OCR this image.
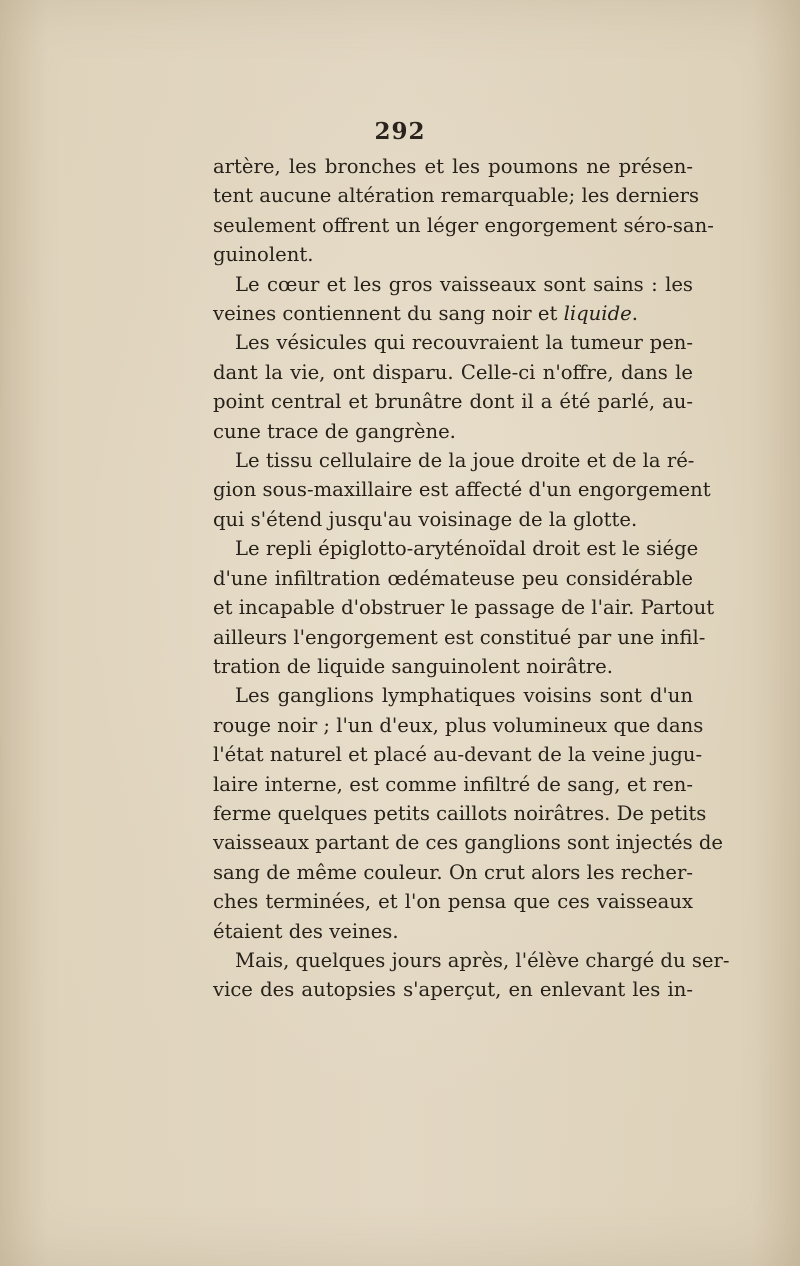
292

artère, les bronches et les poumons ne présen-
tent aucune altération remarquable; les derniers
seulement offrent un léger engorgement séro-san-
guinolent.

Le cœur et les gros vaisseaux sont sains : les
veines contiennent du sang noir et liquide.

Les vésicules qui recouvraient la tumeur pen-
dant la vie, ont disparu. Celle-ci n'offre, dans le
point central et brunâtre dont il a été parlé, au-
cune trace de gangrène.

Le tissu cellulaire de la joue droite et de la ré-
gion sous-maxillaire est affecté d'un engorgement
qui s'étend jusqu'au voisinage de la glotte.

Le repli épiglotto-aryténoïdal droit est le siége
d'une infiltration œdémateuse peu considérable
et incapable d'obstruer le passage de l'air. Partout
ailleurs l'engorgement est constitué par une infil-
tration de liquide sanguinolent noirâtre.

Les ganglions lymphatiques voisins sont d'un
rouge noir ; l'un d'eux, plus volumineux que dans
l'état naturel et placé au-devant de la veine jugu-
laire interne, est comme infiltré de sang, et ren-
ferme quelques petits caillots noirâtres. De petits
vaisseaux partant de ces ganglions sont injectés de
sang de même couleur. On crut alors les recher-
ches terminées, et l'on pensa que ces vaisseaux
étaient des veines.

Mais, quelques jours après, l'élève chargé du ser-
vice des autopsies s'aperçut, en enlevant les in-
